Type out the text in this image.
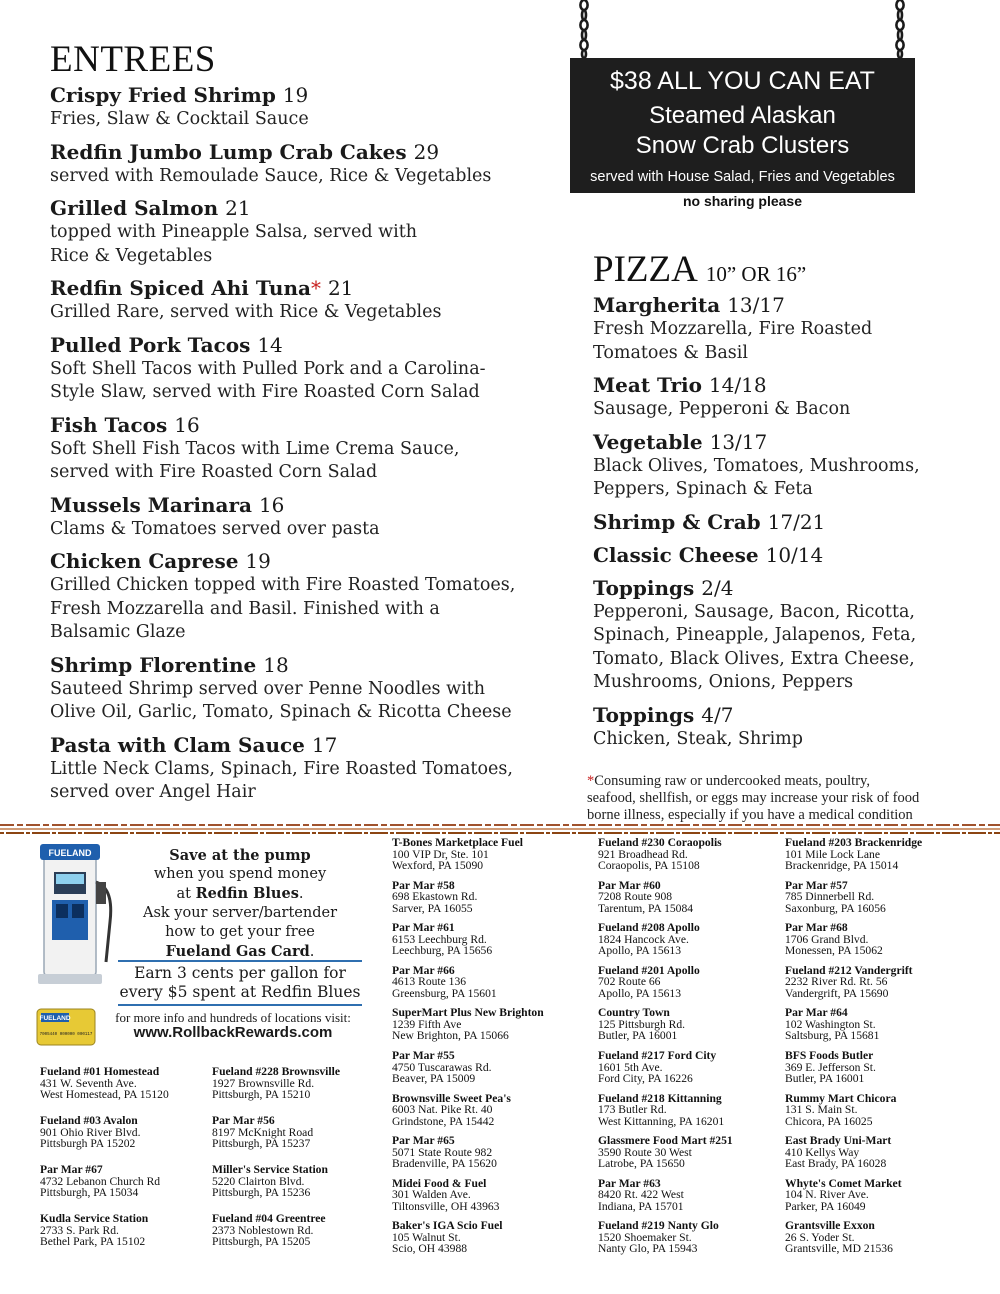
ENTREES
Crispy Fried Shrimp 19
Fries, Slaw & Cocktail Sauce
Redfin Jumbo Lump Crab Cakes 29
served with Remoulade Sauce, Rice & Vegetables
Grilled Salmon 21
topped with Pineapple Salsa, served with
Rice & Vegetables
Redfin Spiced Ahi Tuna* 21
Grilled Rare, served with Rice & Vegetables
Pulled Pork Tacos 14
Soft Shell Tacos with Pulled Pork and a Carolina-
Style Slaw, served with Fire Roasted Corn Salad
Fish Tacos 16
Soft Shell Fish Tacos with Lime Crema Sauce,
served with Fire Roasted Corn Salad
Mussels Marinara 16
Clams & Tomatoes served over pasta
Chicken Caprese 19
Grilled Chicken topped with Fire Roasted Tomatoes,
Fresh Mozzarella and Basil. Finished with a
Balsamic Glaze
Shrimp Florentine 18
Sauteed Shrimp served over Penne Noodles with
Olive Oil, Garlic, Tomato, Spinach & Ricotta Cheese
Pasta with Clam Sauce 17
Little Neck Clams, Spinach, Fire Roasted Tomatoes,
served over Angel Hair
$38 ALL YOU CAN EAT
Steamed Alaskan
Snow Crab Clusters
served with House Salad, Fries and Vegetables
no sharing please
PIZZA 10” OR 16”
Margherita 13/17
Fresh Mozzarella, Fire Roasted
Tomatoes & Basil
Meat Trio 14/18
Sausage, Pepperoni & Bacon
Vegetable 13/17
Black Olives, Tomatoes, Mushrooms,
Peppers, Spinach & Feta
Shrimp & Crab 17/21
Classic Cheese 10/14
Toppings 2/4
Pepperoni, Sausage, Bacon, Ricotta,
Spinach, Pineapple, Jalapenos, Feta,
Tomato, Black Olives, Extra Cheese,
Mushrooms, Onions, Peppers
Toppings 4/7
Chicken, Steak, Shrimp
*Consuming raw or undercooked meats, poultry,
seafood, shellfish, or eggs may increase your risk of food
borne illness, especially if you have a medical condition
FUELAND	Save at the pump
when you spend money
at Redfin Blues.
Ask your server/bartender
how to get your free
Fueland Gas Card.
Earn 3 cents per gallon for
every $5 spent at Redfin Blues
FUELAND
7005440 000000 000117
for more info and hundreds of locations visit:
www.RollbackRewards.com
Fueland #01 Homestead
431 W. Seventh Ave.
West Homestead, PA 15120
Fueland #03 Avalon
901 Ohio River Blvd.
Pittsburgh PA 15202
Par Mar #67
4732 Lebanon Church Rd
Pittsburgh, PA 15034
Kudla Service Station
2733 S. Park Rd.
Bethel Park, PA 15102
Fueland #228 Brownsville
1927 Brownsville Rd.
Pittsburgh, PA 15210
Par Mar #56
8197 McKnight Road
Pittsburgh, PA 15237
Miller's Service Station
5220 Clairton Blvd.
Pittsburgh, PA 15236
Fueland #04 Greentree
2373 Noblestown Rd.
Pittsburgh, PA 15205
T-Bones Marketplace Fuel
100 VIP Dr, Ste. 101
Wexford, PA 15090
Par Mar #58
698 Ekastown Rd.
Sarver, PA 16055
Par Mar #61
6153 Leechburg Rd.
Leechburg, PA 15656
Par Mar #66
4613 Route 136
Greensburg, PA 15601
SuperMart Plus New Brighton
1239 Fifth Ave
New Brighton, PA 15066
Par Mar #55
4750 Tuscarawas Rd.
Beaver, PA 15009
Brownsville Sweet Pea's
6003 Nat. Pike Rt. 40
Grindstone, PA 15442
Par Mar #65
5071 State Route 982
Bradenville, PA 15620
Midei Food & Fuel
301 Walden Ave.
Tiltonsville, OH 43963
Baker's IGA Scio Fuel
105 Walnut St.
Scio, OH 43988
Fueland #230 Coraopolis
921 Broadhead Rd.
Coraopolis, PA 15108
Par Mar #60
7208 Route 908
Tarentum, PA 15084
Fueland #208 Apollo
1824 Hancock Ave.
Apollo, PA 15613
Fueland #201 Apollo
702 Route 66
Apollo, PA 15613
Country Town
125 Pittsburgh Rd.
Butler, PA 16001
Fueland #217 Ford City
1601 5th Ave.
Ford City, PA 16226
Fueland #218 Kittanning
173 Butler Rd.
West Kittanning, PA 16201
Glassmere Food Mart #251
3590 Route 30 West
Latrobe, PA 15650
Par Mar #63
8420 Rt. 422 West
Indiana, PA 15701
Fueland #219 Nanty Glo
1520 Shoemaker St.
Nanty Glo, PA 15943
Fueland #203 Brackenridge
101 Mile Lock Lane
Brackenridge, PA 15014
Par Mar #57
785 Dinnerbell Rd.
Saxonburg, PA 16056
Par Mar #68
1706 Grand Blvd.
Monessen, PA 15062
Fueland #212 Vandergrift
2232 River Rd. Rt. 56
Vandergrift, PA 15690
Par Mar #64
102 Washington St.
Saltsburg, PA 15681
BFS Foods Butler
369 E. Jefferson St.
Butler, PA 16001
Rummy Mart Chicora
131 S. Main St.
Chicora, PA 16025
East Brady Uni-Mart
410 Kellys Way
East Brady, PA 16028
Whyte's Comet Market
104 N. River Ave.
Parker, PA 16049
Grantsville Exxon
26 S. Yoder St.
Grantsville, MD 21536
